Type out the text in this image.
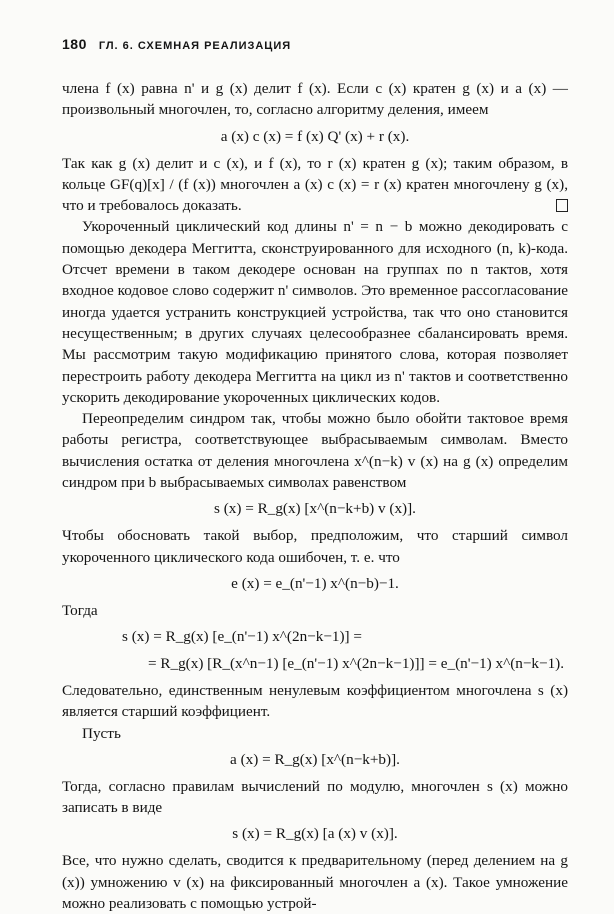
180 ГЛ. 6. СХЕМНАЯ РЕАЛИЗАЦИЯ

члена f (x) равна n' и g (x) делит f (x). Если c (x) кратен g (x) и a (x) — произвольный многочлен, то, согласно алгоритму деления, имеем

a (x) c (x) = f (x) Q' (x) + r (x).

Так как g (x) делит и c (x), и f (x), то r (x) кратен g (x); таким образом, в кольце GF(q)[x] / (f (x)) многочлен a (x) c (x) = r (x) кратен многочлену g (x), что и требовалось доказать.

Укороченный циклический код длины n' = n − b можно декодировать с помощью декодера Меггитта, сконструированного для исходного (n, k)-кода. Отсчет времени в таком декодере основан на группах по n тактов, хотя входное кодовое слово содержит n' символов. Это временное рассогласование иногда удается устранить конструкцией устройства, так что оно становится несущественным; в других случаях целесообразнее сбалансировать время. Мы рассмотрим такую модификацию принятого слова, которая позволяет перестроить работу декодера Меггитта на цикл из n' тактов и соответственно ускорить декодирование укороченных циклических кодов.

Переопределим синдром так, чтобы можно было обойти тактовое время работы регистра, соответствующее выбрасываемым символам. Вместо вычисления остатка от деления многочлена x^(n−k) v (x) на g (x) определим синдром при b выбрасываемых символах равенством

s (x) = R_g(x) [x^(n−k+b) v (x)].

Чтобы обосновать такой выбор, предположим, что старший символ укороченного циклического кода ошибочен, т. е. что

e (x) = e_(n'−1) x^(n−b)−1.
Тогда
s (x) = R_g(x) [e_(n'−1) x^(2n−k−1)] =
= R_g(x) [R_(x^n−1) [e_(n'−1) x^(2n−k−1)]] = e_(n'−1) x^(n−k−1).

Следовательно, единственным ненулевым коэффициентом многочлена s (x) является старший коэффициент.

Пусть

a (x) = R_g(x) [x^(n−k+b)].

Тогда, согласно правилам вычислений по модулю, многочлен s (x) можно записать в виде

s (x) = R_g(x) [a (x) v (x)].

Все, что нужно сделать, сводится к предварительному (перед делением на g (x)) умножению v (x) на фиксированный многочлен a (x). Такое умножение можно реализовать с помощью устрой-
